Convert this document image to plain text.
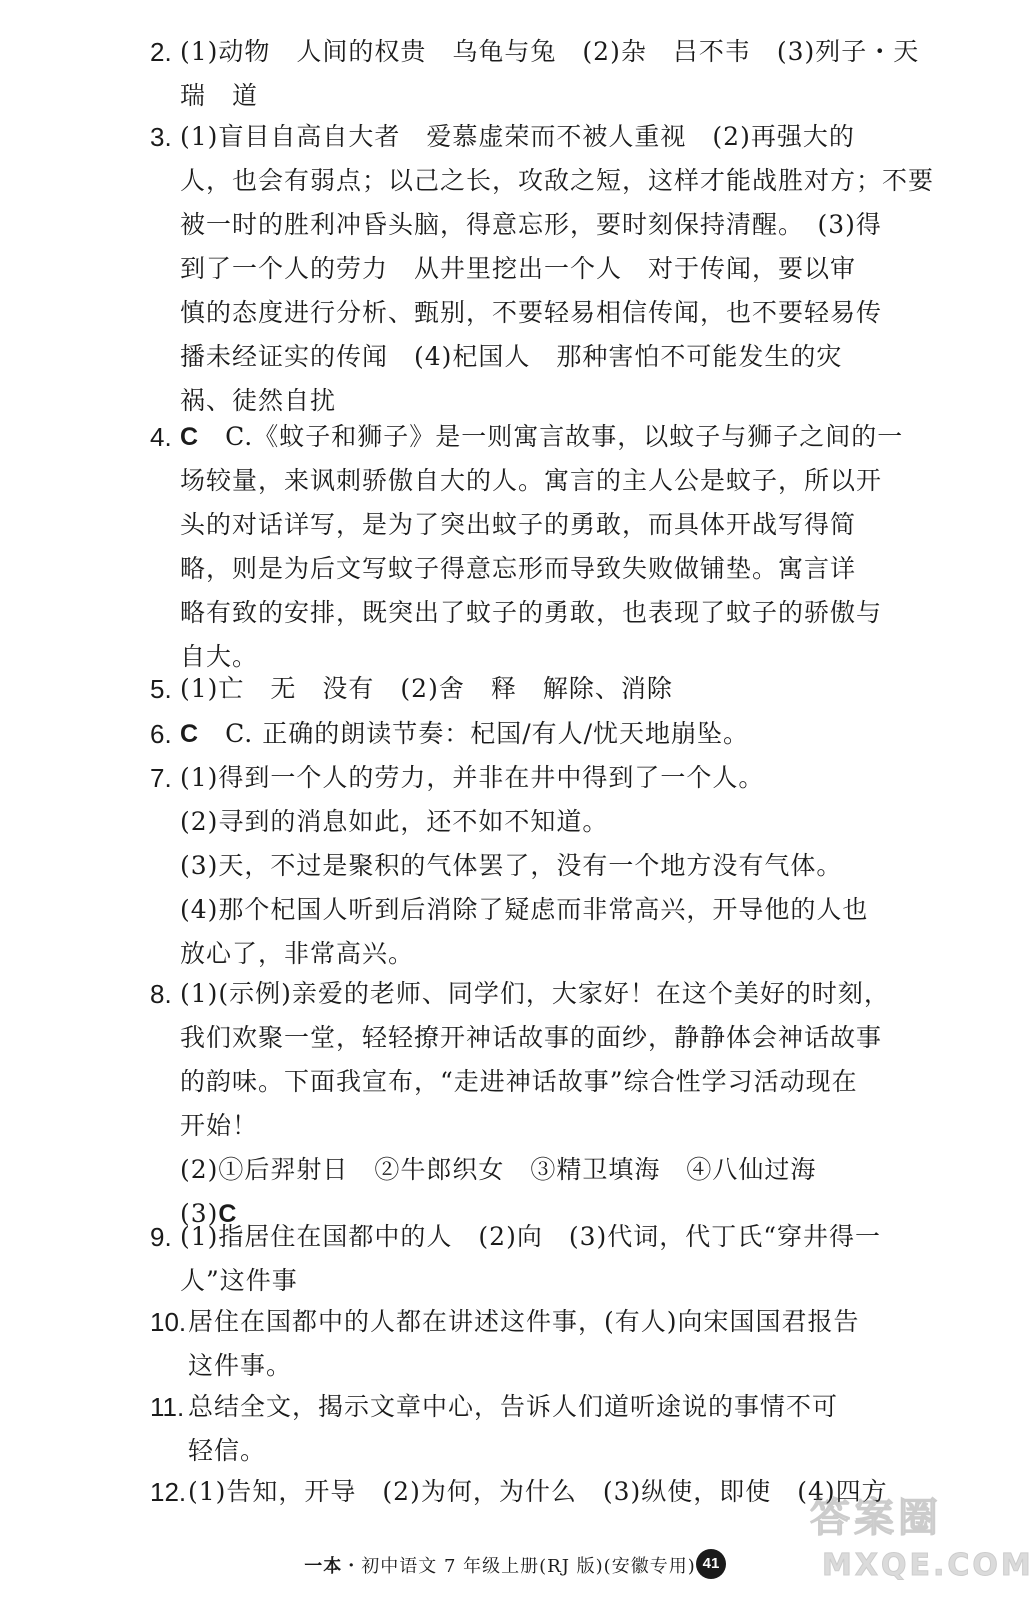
2. (1)动物　人间的权贵　乌龟与兔　(2)杂　吕不韦　(3)列子・天
瑞　道
3. (1)盲目自高自大者　爱慕虚荣而不被人重视　(2)再强大的
人，也会有弱点；以己之长，攻敌之短，这样才能战胜对方；不要
被一时的胜利冲昏头脑，得意忘形，要时刻保持清醒。　(3)得
到了一个人的劳力　从井里挖出一个人　对于传闻，要以审
慎的态度进行分析、甄别，不要轻易相信传闻，也不要轻易传
播未经证实的传闻　(4)杞国人　那种害怕不可能发生的灾
祸、徒然自扰
4. C　C.《蚊子和狮子》是一则寓言故事，以蚊子与狮子之间的一
场较量，来讽刺骄傲自大的人。寓言的主人公是蚊子，所以开
头的对话详写，是为了突出蚊子的勇敢，而具体开战写得简
略，则是为后文写蚊子得意忘形而导致失败做铺垫。寓言详
略有致的安排，既突出了蚊子的勇敢，也表现了蚊子的骄傲与
自大。
5. (1)亡　无　没有　(2)舍　释　解除、消除
6. C　C. 正确的朗读节奏：杞国/有人/忧天地崩坠。
7. (1)得到一个人的劳力，并非在井中得到了一个人。
(2)寻到的消息如此，还不如不知道。
(3)天，不过是聚积的气体罢了，没有一个地方没有气体。
(4)那个杞国人听到后消除了疑虑而非常高兴，开导他的人也
放心了，非常高兴。
8. (1)(示例)亲爱的老师、同学们，大家好！在这个美好的时刻，
我们欢聚一堂，轻轻撩开神话故事的面纱，静静体会神话故事
的韵味。下面我宣布，“走进神话故事”综合性学习活动现在
开始！
(2)①后羿射日　②牛郎织女　③精卫填海　④八仙过海
(3)C
9. (1)指居住在国都中的人　(2)向　(3)代词，代丁氏“穿井得一
人”这件事
10. 居住在国都中的人都在讲述这件事，(有人)向宋国国君报告
这件事。
11. 总结全文，揭示文章中心，告诉人们道听途说的事情不可
轻信。
12. (1)告知，开导　(2)为何，为什么　(3)纵使，即使　(4)四方
一本・初中语文 7 年级上册(RJ 版)(安徽专用) 41
答案圈
MXQE.COM
